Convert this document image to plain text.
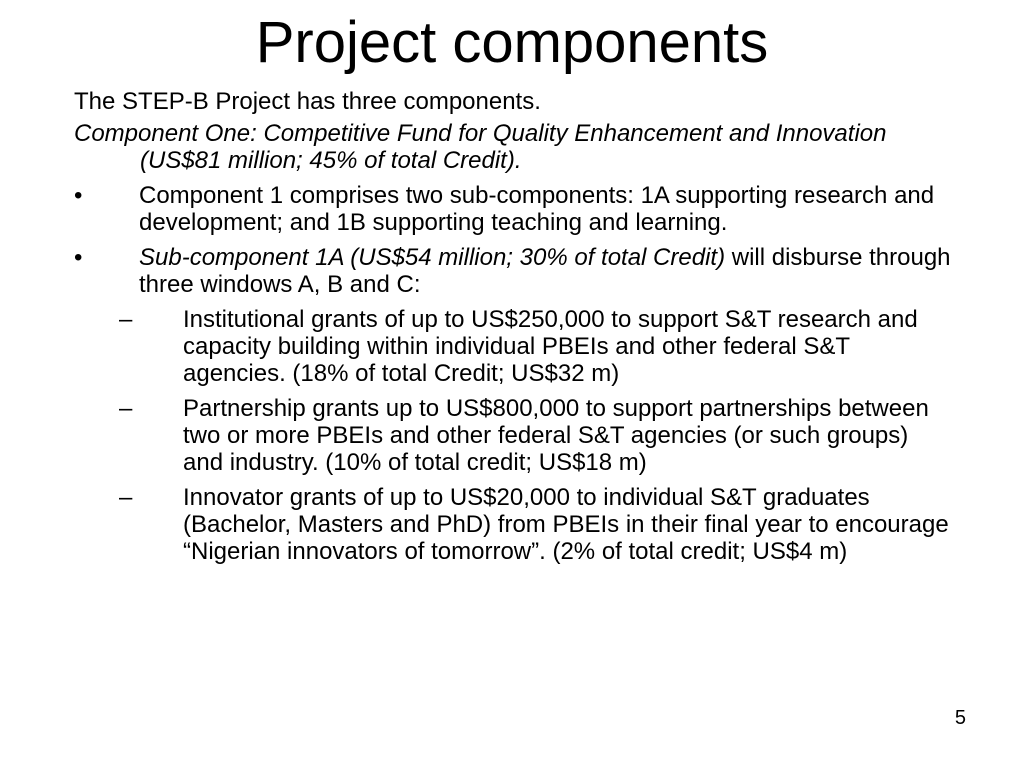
Project components

The STEP-B Project has three components.

Component One: Competitive Fund for Quality Enhancement and Innovation (US$81 million; 45% of total Credit).

•	Component 1 comprises two sub-components: 1A supporting research and development; and 1B supporting teaching and learning.
•	Sub-component 1A (US$54 million; 30% of total Credit) will disburse through three windows A, B and C:
–	Institutional grants of up to US$250,000 to support S&T research and capacity building within individual PBEIs and other federal S&T agencies. (18% of total Credit; US$32 m)
–	Partnership grants up to US$800,000 to support partnerships between two or more PBEIs and other federal S&T agencies (or such groups) and industry. (10% of total credit; US$18 m)
–	Innovator grants of up to US$20,000 to individual S&T graduates (Bachelor, Masters and PhD) from PBEIs in their final year to encourage “Nigerian innovators of tomorrow”. (2% of total credit; US$4 m)
5
